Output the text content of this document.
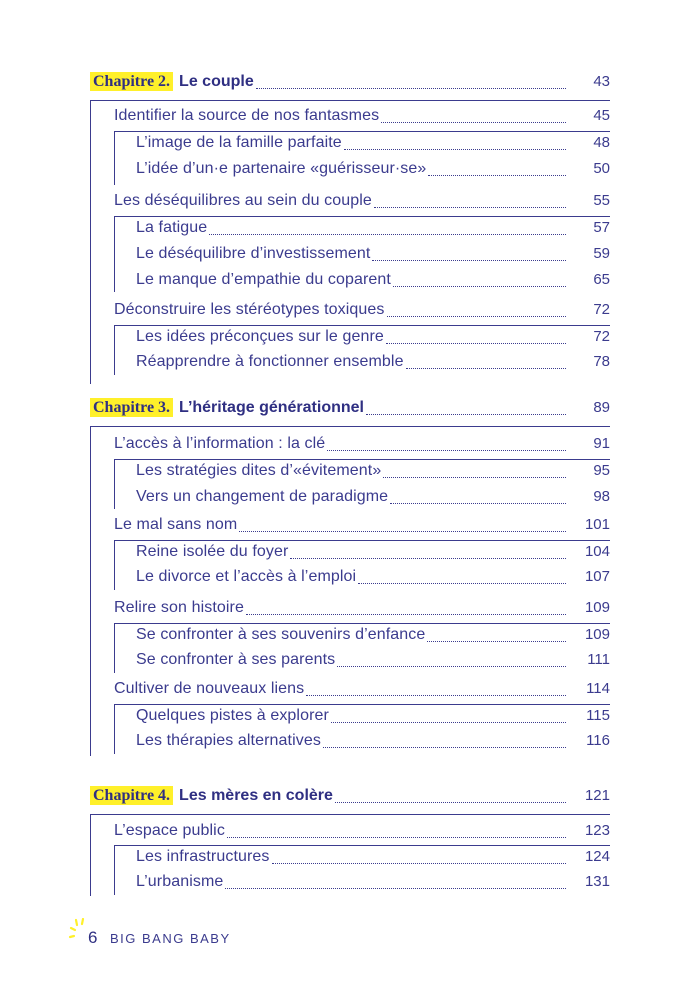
Chapitre 2. Le couple	43
Identifier la source de nos fantasmes	45
L’image de la famille parfaite	48
L’idée d’un·e partenaire «guérisseur·se»	50
Les déséquilibres au sein du couple	55
La fatigue	57
Le déséquilibre d’investissement	59
Le manque d’empathie du coparent	65
Déconstruire les stéréotypes toxiques	72
Les idées préconçues sur le genre	72
Réapprendre à fonctionner ensemble	78
Chapitre 3. L’héritage générationnel	89
L’accès à l’information : la clé	91
Les stratégies dites d’«évitement»	95
Vers un changement de paradigme	98
Le mal sans nom	101
Reine isolée du foyer	104
Le divorce et l’accès à l’emploi	107
Relire son histoire	109
Se confronter à ses souvenirs d’enfance	109
Se confronter à ses parents	111
Cultiver de nouveaux liens	114
Quelques pistes à explorer	115
Les thérapies alternatives	116
Chapitre 4. Les mères en colère	121
L’espace public	123
Les infrastructures	124
L’urbanisme	131
6 BIG BANG BABY
